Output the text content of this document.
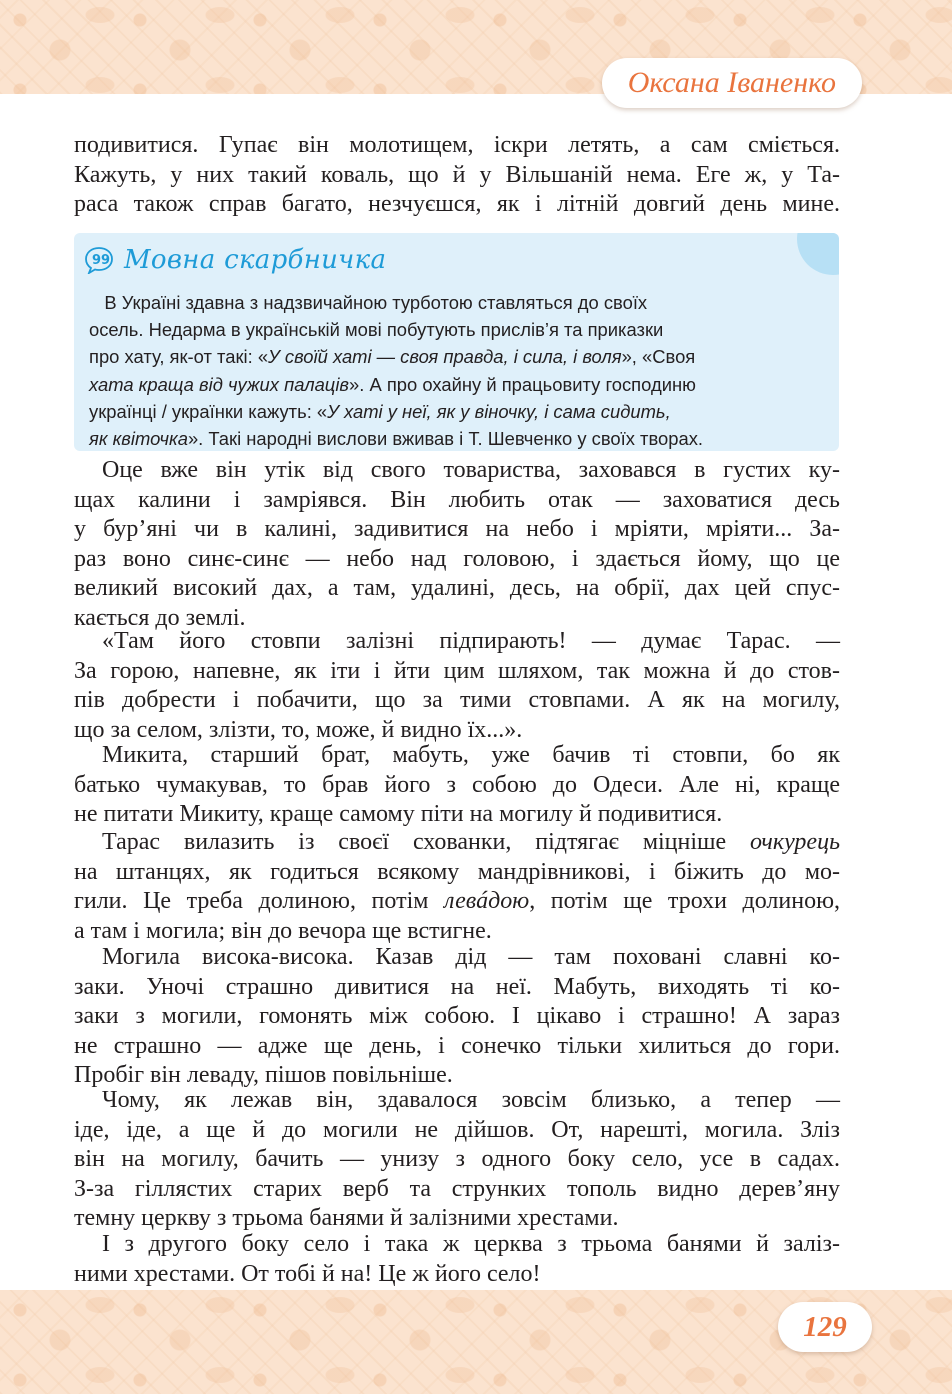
Оксана Іваненко
подивитися. Гупає він молотищем, іскри летять, а сам сміється.
Кажуть, у них такий коваль, що й у Вільшаній нема. Еге ж, у Та-
раса також справ багато, незчуєшся, як і літній довгий день мине.
99 Мовна скарбничка
В Україні здавна з надзвичайною турботою ставляться до своїх
осель. Недарма в українській мові побутують прислів’я та приказки
про хату, як-от такі: «У своїй хаті — своя правда, і сила, і воля», «Своя
хата краща від чужих палаців». А про охайну й працьовиту господиню
українці / українки кажуть: «У хаті у неї, як у віночку, і сама сидить,
як квіточка». Такі народні вислови вживав і Т. Шевченко у своїх творах.
Оце вже він утік від свого товариства, заховався в густих ку-
щах калини і замріявся. Він любить отак — заховатися десь
у бур’яні чи в калині, задивитися на небо і мріяти, мріяти... За-
раз воно синє-синє — небо над головою, і здається йому, що це
великий високий дах, а там, удалині, десь, на обрії, дах цей спус-
кається до землі.
«Там його стовпи залізні підпирають! — думає Тарас. —
За горою, напевне, як іти і йти цим шляхом, так можна й до стов-
пів добрести і побачити, що за тими стовпами. А як на могилу,
що за селом, злізти, то, може, й видно їх...».
Микита, старший брат, мабуть, уже бачив ті стовпи, бо як
батько чумакував, то брав його з собою до Одеси. Але ні, краще
не питати Микиту, краще самому піти на могилу й подивитися.
Тарас вилазить із своєї схованки, підтягає міцніше очкурець
на штанцях, як годиться всякому мандрівникові, і біжить до мо-
гили. Це треба долиною, потім левáдою, потім ще трохи долиною,
а там і могила; він до вечора ще встигне.
Могила висока-висока. Казав дід — там поховані славні ко-
заки. Уночі страшно дивитися на неї. Мабуть, виходять ті ко-
заки з могили, гомонять між собою. І цікаво і страшно! А зараз
не страшно — адже ще день, і сонечко тільки хилиться до гори.
Пробіг він леваду, пішов повільніше.
Чому, як лежав він, здавалося зовсім близько, а тепер —
іде, іде, а ще й до могили не дійшов. От, нарешті, могила. Зліз
він на могилу, бачить — унизу з одного боку село, усе в садах.
З-за гіллястих старих верб та струнких тополь видно дерев’яну
темну церкву з трьома банями й залізними хрестами.
І з другого боку село і така ж церква з трьома банями й заліз-
ними хрестами. От тобі й на! Це ж його село!
129
